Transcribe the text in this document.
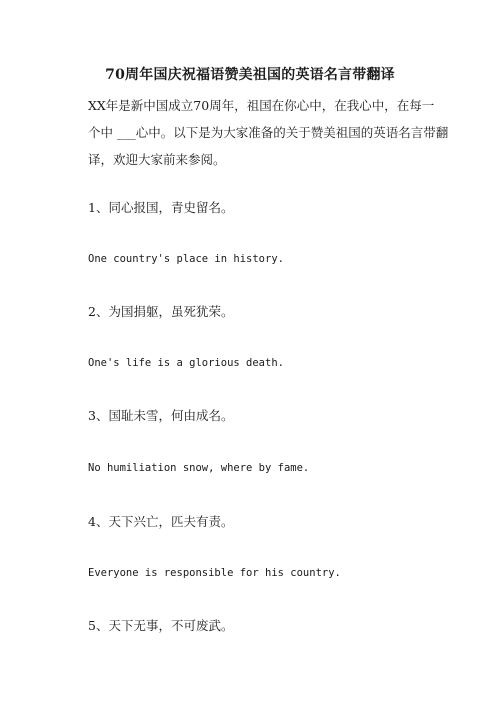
70周年国庆祝福语赞美祖国的英语名言带翻译
XX年是新中国成立70周年，祖国在你心中，在我心中，在每一
个中 ___心中。以下是为大家准备的关于赞美祖国的英语名言带翻
译，欢迎大家前来参阅。
1、同心报国，青史留名。
One country's place in history.
2、为国捐躯，虽死犹荣。
One's life is a glorious death.
3、国耻未雪，何由成名。
No humiliation snow, where by fame.
4、天下兴亡，匹夫有责。
Everyone is responsible for his country.
5、天下无事，不可废武。
